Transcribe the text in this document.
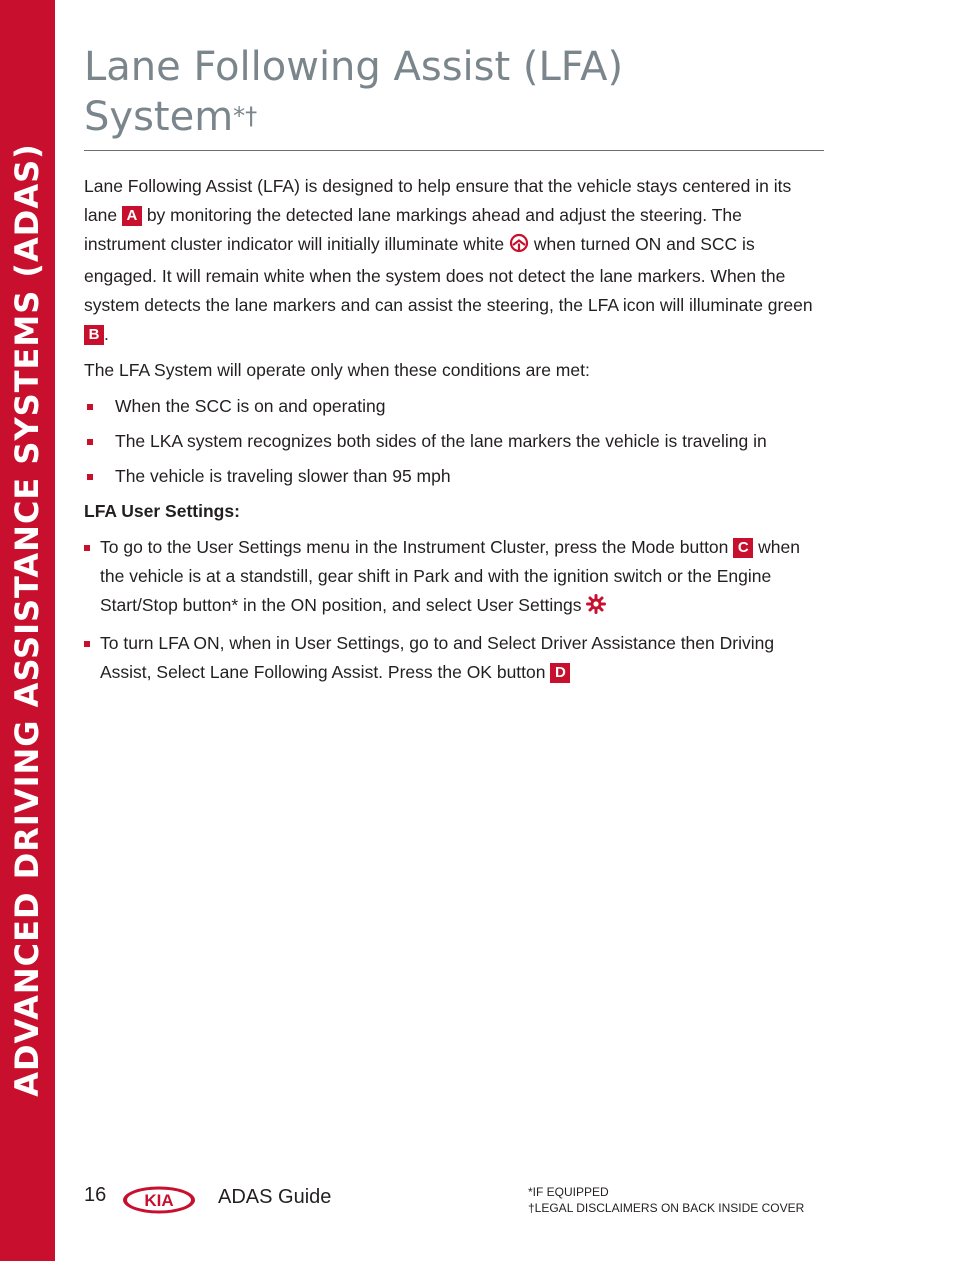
ADVANCED DRIVING ASSISTANCE SYSTEMS (ADAS)
Lane Following Assist (LFA)
System*†

Lane Following Assist (LFA) is designed to help ensure that the vehicle stays centered in its lane A by monitoring the detected lane markings ahead and adjust the steering. The instrument cluster indicator will initially illuminate white  when turned ON and SCC is engaged. It will remain white when the system does not detect the lane markers. When the system detects the lane markers and can assist the steering, the LFA icon will illuminate green B .

The LFA System will operate only when these conditions are met:

When the SCC is on and operating
The LKA system recognizes both sides of the lane markers the vehicle is traveling in
The vehicle is traveling slower than 95 mph

LFA User Settings:

To go to the User Settings menu in the Instrument Cluster, press the Mode button C when the vehicle is at a standstill, gear shift in Park and with the ignition switch or the Engine Start/Stop button* in the ON position, and select User Settings
To turn LFA ON, when in User Settings, go to and Select Driver Assistance then Driving Assist, Select Lane Following Assist. Press the OK button D
16 KIA ADAS Guide	*IF EQUIPPED
†LEGAL DISCLAIMERS ON BACK INSIDE COVER
